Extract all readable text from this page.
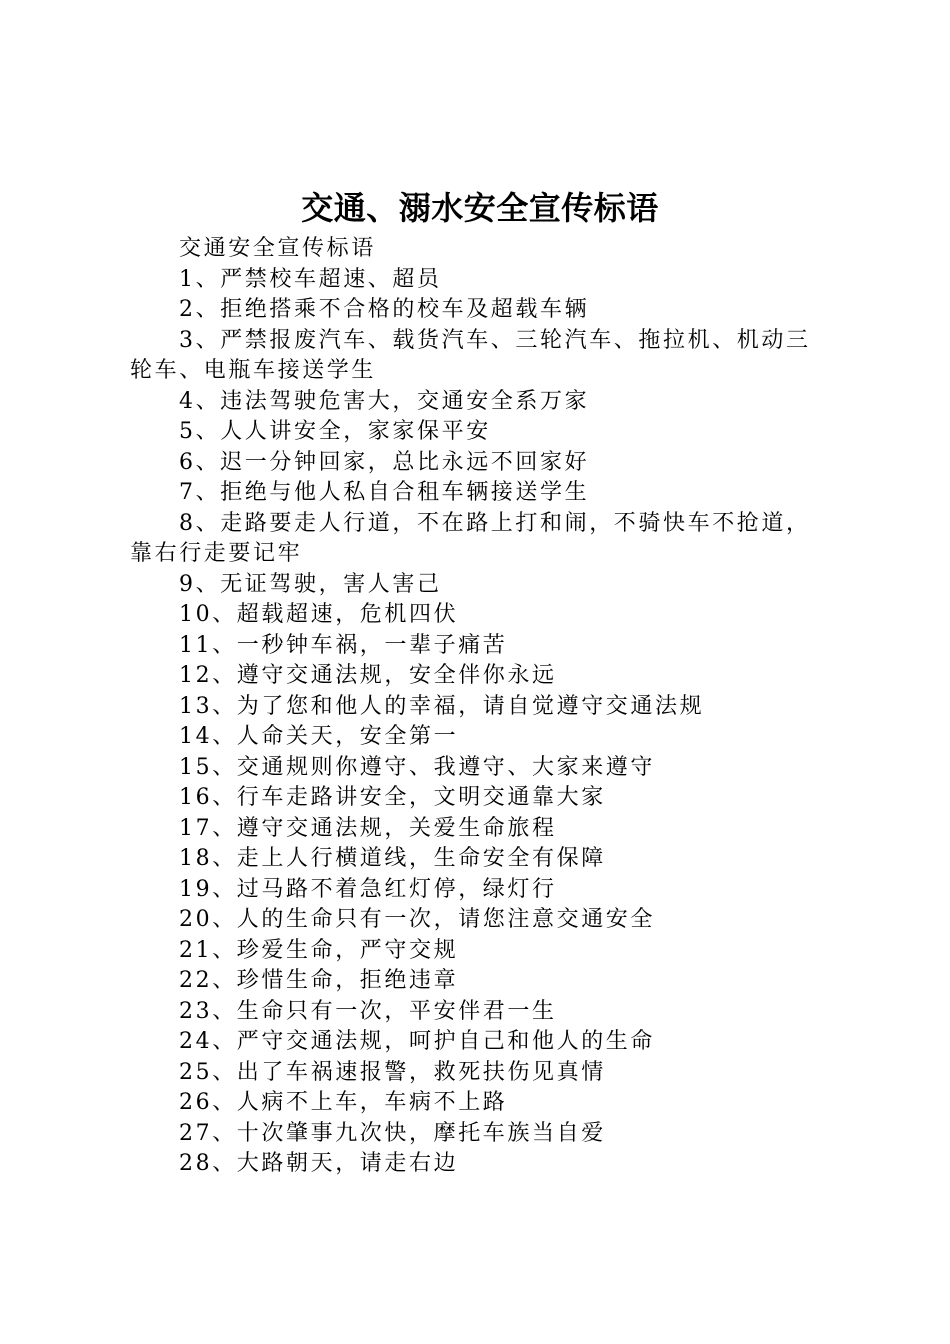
交通、溺水安全宣传标语

交通安全宣传标语

1、严禁校车超速、超员

2、拒绝搭乘不合格的校车及超载车辆

3、严禁报废汽车、载货汽车、三轮汽车、拖拉机、机动三轮车、电瓶车接送学生

4、违法驾驶危害大，交通安全系万家

5、人人讲安全，家家保平安

6、迟一分钟回家，总比永远不回家好

7、拒绝与他人私自合租车辆接送学生

8、走路要走人行道，不在路上打和闹，不骑快车不抢道，靠右行走要记牢

9、无证驾驶，害人害己

10、超载超速，危机四伏

11、一秒钟车祸，一辈子痛苦

12、遵守交通法规，安全伴你永远

13、为了您和他人的幸福，请自觉遵守交通法规

14、人命关天，安全第一

15、交通规则你遵守、我遵守、大家来遵守

16、行车走路讲安全，文明交通靠大家

17、遵守交通法规，关爱生命旅程

18、走上人行横道线，生命安全有保障

19、过马路不着急红灯停，绿灯行

20、人的生命只有一次，请您注意交通安全

21、珍爱生命，严守交规

22、珍惜生命，拒绝违章

23、生命只有一次，平安伴君一生

24、严守交通法规，呵护自己和他人的生命

25、出了车祸速报警，救死扶伤见真情

26、人病不上车，车病不上路

27、十次肇事九次快，摩托车族当自爱

28、大路朝天，请走右边
